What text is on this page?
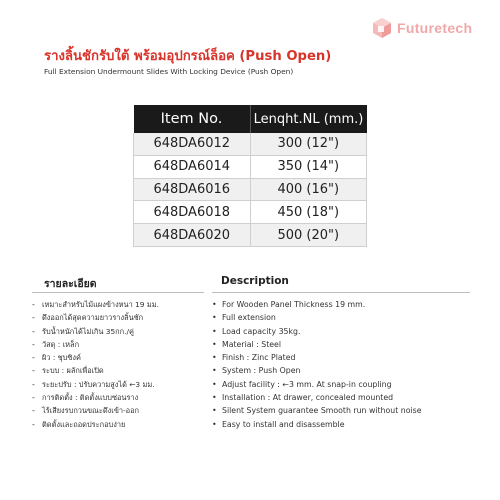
Futuretech
รางลิ้นชักรับใต้ พร้อมอุปกรณ์ล็อค (Push Open)
Full Extension Undermount Slides With Locking Device (Push Open)
Item No.	Lenqht.NL (mm.)
648DA6012	300 (12")
648DA6014	350 (14")
648DA6016	400 (16")
648DA6018	450 (18")
648DA6020	500 (20")
รายละเอียด	Description
- เหมาะสำหรับไม้แผงข้างหนา 19 มม.
- ดึงออกได้สุดความยาวรางลิ้นชัก
- รับน้ำหนักได้ไม่เกิน 35กก./คู่
- วัสดุ : เหล็ก
- ผิว : ชุบซิงค์
- ระบบ : ผลักเพื่อเปิด
- ระยะปรับ : ปรับความสูงได้ ←3 มม.
- การติดตั้ง : ติดตั้งแบบซ่อนราง
- ไร้เสียงรบกวนขณะดึงเข้า-ออก
- ติดตั้งและถอดประกอบง่าย
• For Wooden Panel Thickness 19 mm.
• Full extension
• Load capacity 35kg.
• Material : Steel
• Finish : Zinc Plated
• System : Push Open
• Adjust facility : ←3 mm. At snap-in coupling
• Installation : At drawer, concealed mounted
• Silent System guarantee Smooth run without noise
• Easy to install and disassemble
